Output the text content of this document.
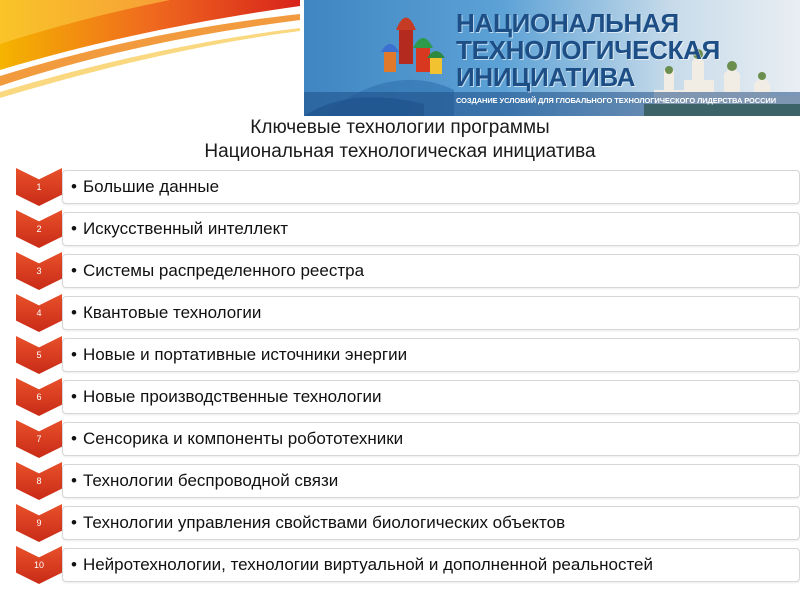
НАЦИОНАЛЬНАЯ
ТЕХНОЛОГИЧЕСКАЯ
ИНИЦИАТИВА
СОЗДАНИЕ УСЛОВИЙ ДЛЯ ГЛОБАЛЬНОГО ТЕХНОЛОГИЧЕСКОГО ЛИДЕРСТВА РОССИИ
Ключевые технологии программы
Национальная технологическая инициатива
1	• Большие данные
2	• Искусственный интеллект
3	• Системы распределенного реестра
4	• Квантовые технологии
5	• Новые и портативные источники энергии
6	• Новые производственные технологии
7	• Сенсорика и компоненты робототехники
8	• Технологии беспроводной связи
9	• Технологии управления свойствами биологических объектов
10	• Нейротехнологии, технологии виртуальной и дополненной реальностей
